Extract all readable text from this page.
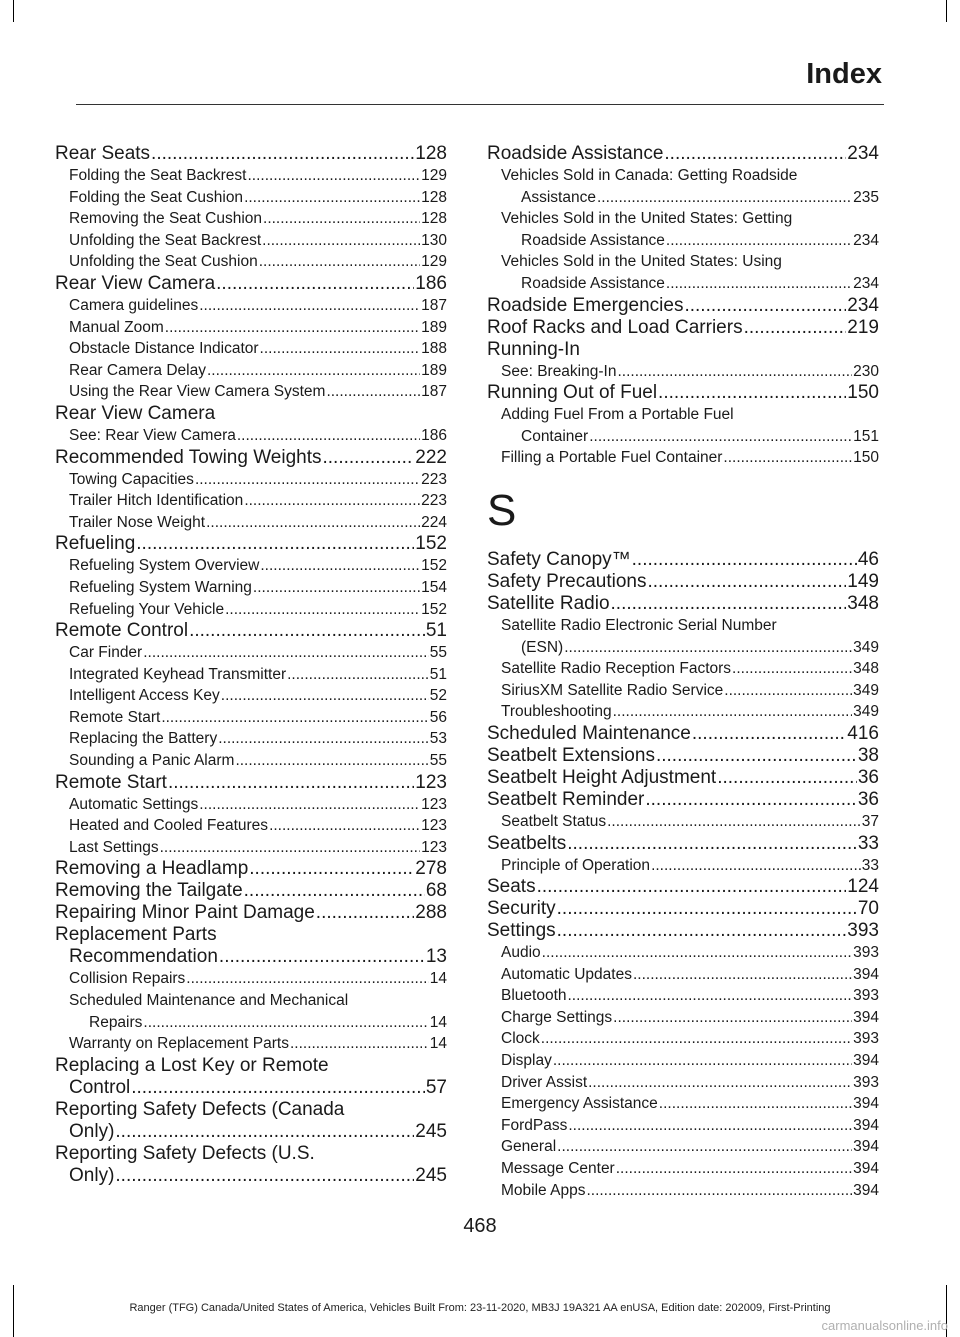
Index
Rear Seats .....	128
Folding the Seat Backrest .....	129
Folding the Seat Cushion .....	128
Removing the Seat Cushion .....	128
Unfolding the Seat Backrest .....	130
Unfolding the Seat Cushion .....	129
Rear View Camera .....	186
Camera guidelines .....	187
Manual Zoom .....	189
Obstacle Distance Indicator .....	188
Rear Camera Delay .....	189
Using the Rear View Camera System .....	187
Rear View Camera
See: Rear View Camera .....	186
Recommended Towing Weights .....	222
Towing Capacities .....	223
Trailer Hitch Identification .....	223
Trailer Nose Weight .....	224
Refueling .....	152
Refueling System Overview .....	152
Refueling System Warning .....	154
Refueling Your Vehicle .....	152
Remote Control .....	51
Car Finder .....	55
Integrated Keyhead Transmitter .....	51
Intelligent Access Key .....	52
Remote Start .....	56
Replacing the Battery .....	53
Sounding a Panic Alarm .....	55
Remote Start .....	123
Automatic Settings .....	123
Heated and Cooled Features .....	123
Last Settings .....	123
Removing a Headlamp .....	278
Removing the Tailgate .....	68
Repairing Minor Paint Damage .....	288
Replacement Parts
Recommendation .....	13
Collision Repairs .....	14
Scheduled Maintenance and Mechanical
Repairs .....	14
Warranty on Replacement Parts .....	14
Replacing a Lost Key or Remote
Control .....	57
Reporting Safety Defects (Canada
Only) .....	245
Reporting Safety Defects (U.S.
Only) .....	245
Roadside Assistance .....	234
Vehicles Sold in Canada: Getting Roadside
Assistance .....	235
Vehicles Sold in the United States: Getting
Roadside Assistance .....	234
Vehicles Sold in the United States: Using
Roadside Assistance .....	234
Roadside Emergencies .....	234
Roof Racks and Load Carriers .....	219
Running-In
See: Breaking-In .....	230
Running Out of Fuel .....	150
Adding Fuel From a Portable Fuel
Container .....	151
Filling a Portable Fuel Container .....	150
S
Safety Canopy™ .....	46
Safety Precautions .....	149
Satellite Radio .....	348
Satellite Radio Electronic Serial Number
(ESN) .....	349
Satellite Radio Reception Factors .....	348
SiriusXM Satellite Radio Service .....	349
Troubleshooting .....	349
Scheduled Maintenance .....	416
Seatbelt Extensions .....	38
Seatbelt Height Adjustment .....	36
Seatbelt Reminder .....	36
Seatbelt Status .....	37
Seatbelts .....	33
Principle of Operation .....	33
Seats .....	124
Security .....	70
Settings .....	393
Audio .....	393
Automatic Updates .....	394
Bluetooth .....	393
Charge Settings .....	394
Clock .....	393
Display .....	394
Driver Assist .....	393
Emergency Assistance .....	394
FordPass .....	394
General .....	394
Message Center .....	394
Mobile Apps .....	394
468
Ranger (TFG) Canada/United States of America, Vehicles Built From: 23-11-2020, MB3J 19A321 AA enUSA, Edition date: 202009, First-Printing
carmanualsonline.info
